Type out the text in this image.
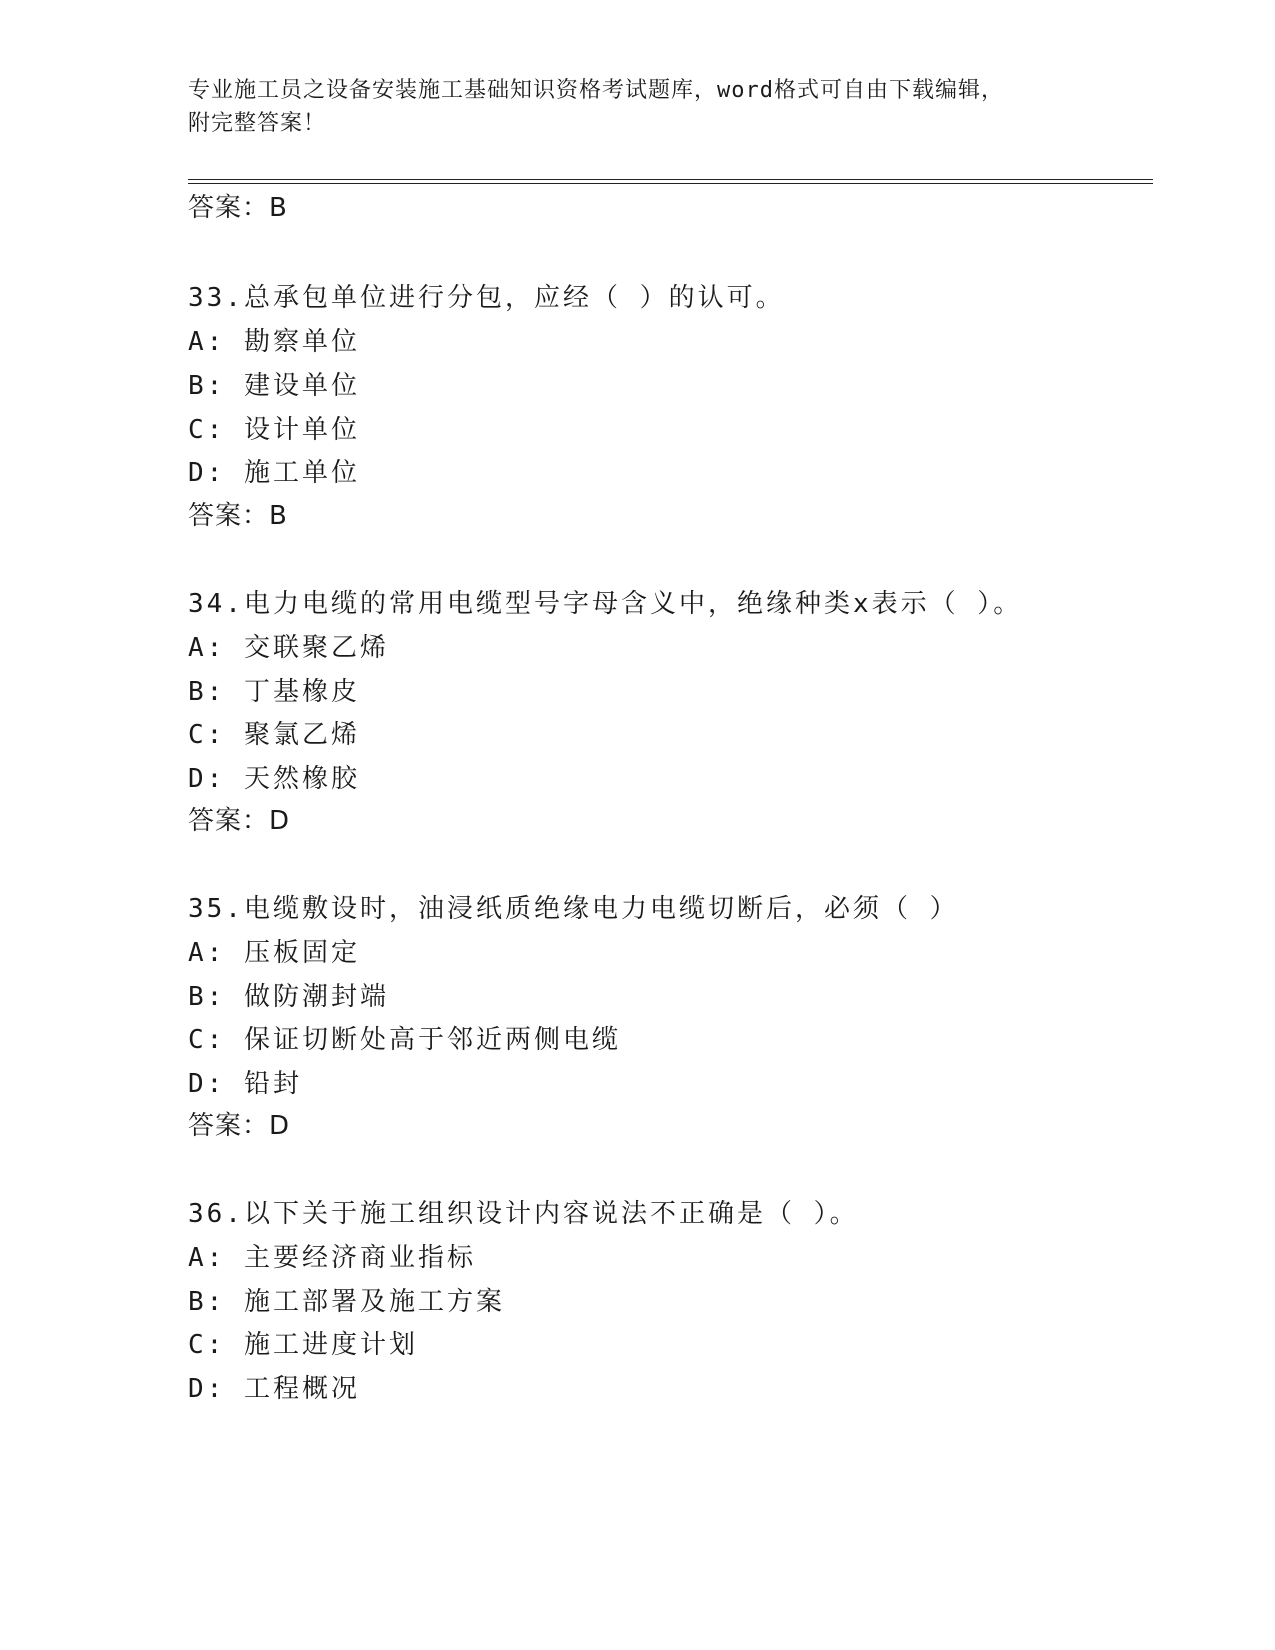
专业施工员之设备安装施工基础知识资格考试题库，word格式可自由下载编辑，
附完整答案！
答案：B
33.总承包单位进行分包，应经（ ）的认可。
A: 勘察单位
B: 建设单位
C: 设计单位
D: 施工单位
答案：B
34.电力电缆的常用电缆型号字母含义中，绝缘种类x表示（ ）。
A: 交联聚乙烯
B: 丁基橡皮
C: 聚氯乙烯
D: 天然橡胶
答案：D
35.电缆敷设时，油浸纸质绝缘电力电缆切断后，必须（ ）
A: 压板固定
B: 做防潮封端
C: 保证切断处高于邻近两侧电缆
D: 铅封
答案：D
36.以下关于施工组织设计内容说法不正确是（ ）。
A: 主要经济商业指标
B: 施工部署及施工方案
C: 施工进度计划
D: 工程概况
